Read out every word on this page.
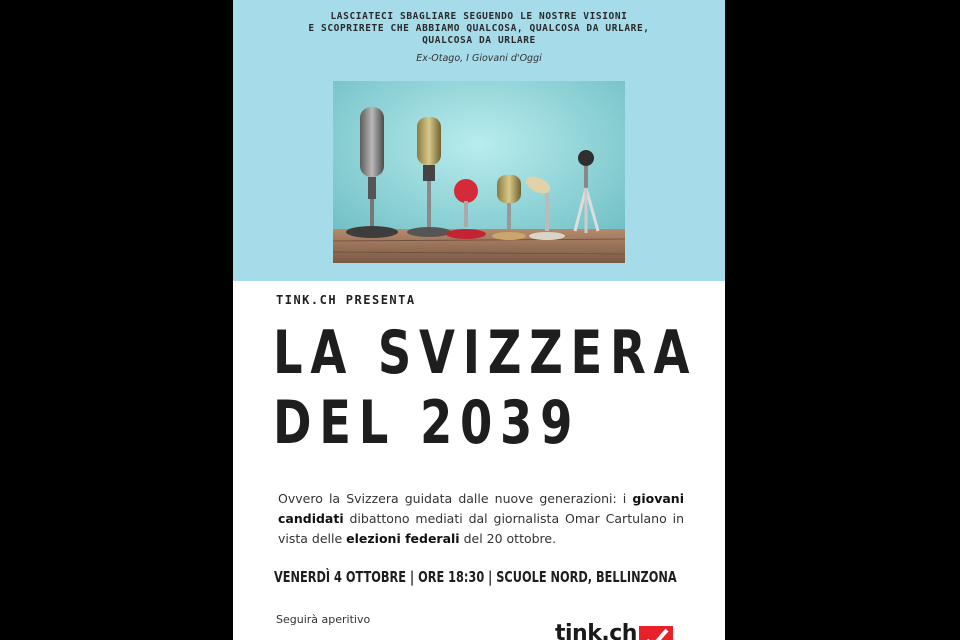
LASCIATECI SBAGLIARE SEGUENDO LE NOSTRE VISIONI
E SCOPRIRETE CHE ABBIAMO QUALCOSA, QUALCOSA DA URLARE,
QUALCOSA DA URLARE
Ex-Otago, I Giovani d'Oggi
TINK.CH PRESENTA
LA SVIZZERA
DEL 2039
Ovvero la Svizzera guidata dalle nuove generazioni: i giovani candidati dibattono mediati dal giornalista Omar Cartulano in vista delle elezioni federali del 20 ottobre.
VENERDÌ 4 OTTOBRE | ORE 18:30 | SCUOLE NORD, BELLINZONA
Seguirà aperitivo
tink.ch
